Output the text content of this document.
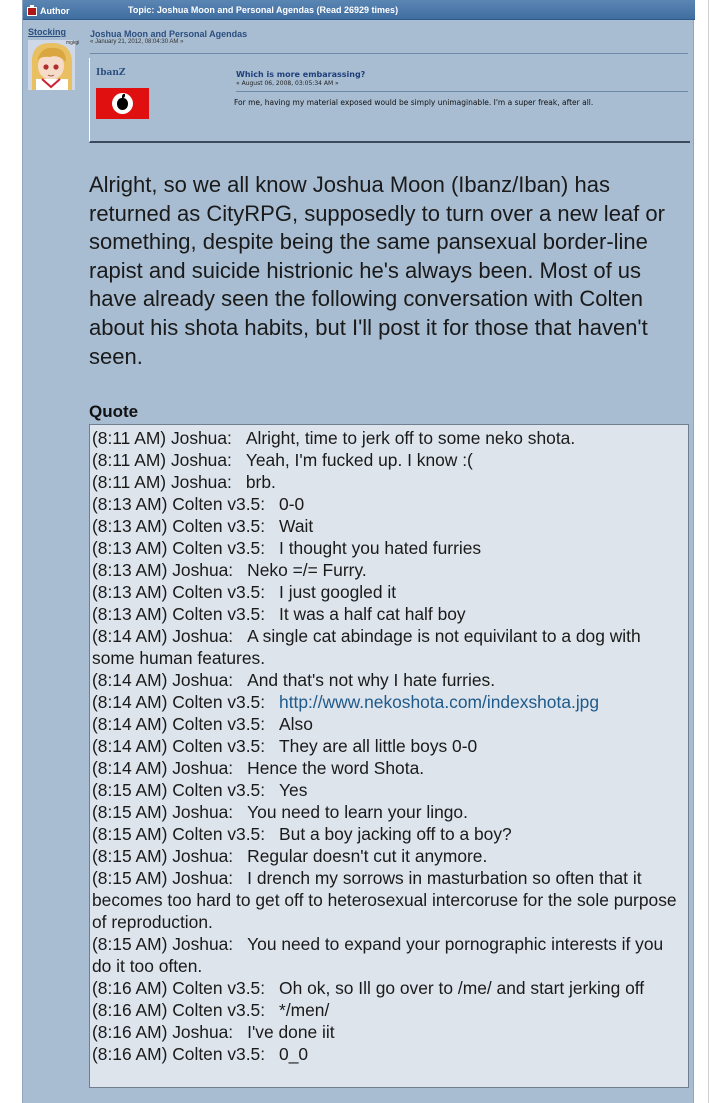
Author	Topic: Joshua Moon and Personal Agendas (Read 26929 times)
Stocking
mgkgi
Joshua Moon and Personal Agendas
« January 21, 2012, 08:04:30 AM »
IbanZ	Which is more embarassing?
« August 06, 2008, 03:05:34 AM »
For me, having my material exposed would be simply unimaginable. I'm a super freak, after all.
Alright, so we all know Joshua Moon (Ibanz/Iban) has returned as CityRPG, supposedly to turn over a new leaf or something, despite being the same pansexual border-line rapist and suicide histrionic he's always been. Most of us have already seen the following conversation with Colten about his shota habits, but I'll post it for those that haven't seen.
Quote
(8:11 AM) Joshua: Alright, time to jerk off to some neko shota.
(8:11 AM) Joshua: Yeah, I'm fucked up. I know :(
(8:11 AM) Joshua: brb.
(8:13 AM) Colten v3.5: 0-0
(8:13 AM) Colten v3.5: Wait
(8:13 AM) Colten v3.5: I thought you hated furries
(8:13 AM) Joshua: Neko =/= Furry.
(8:13 AM) Colten v3.5: I just googled it
(8:13 AM) Colten v3.5: It was a half cat half boy
(8:14 AM) Joshua: A single cat abindage is not equivilant to a dog with some human features.
(8:14 AM) Joshua: And that's not why I hate furries.
(8:14 AM) Colten v3.5: http://www.nekoshota.com/indexshota.jpg
(8:14 AM) Colten v3.5: Also
(8:14 AM) Colten v3.5: They are all little boys 0-0
(8:14 AM) Joshua: Hence the word Shota.
(8:15 AM) Colten v3.5: Yes
(8:15 AM) Joshua: You need to learn your lingo.
(8:15 AM) Colten v3.5: But a boy jacking off to a boy?
(8:15 AM) Joshua: Regular doesn't cut it anymore.
(8:15 AM) Joshua: I drench my sorrows in masturbation so often that it becomes too hard to get off to heterosexual intercoruse for the sole purpose of reproduction.
(8:15 AM) Joshua: You need to expand your pornographic interests if you do it too often.
(8:16 AM) Colten v3.5: Oh ok, so Ill go over to /me/ and start jerking off
(8:16 AM) Colten v3.5: */men/
(8:16 AM) Joshua: I've done iit
(8:16 AM) Colten v3.5: 0_0
